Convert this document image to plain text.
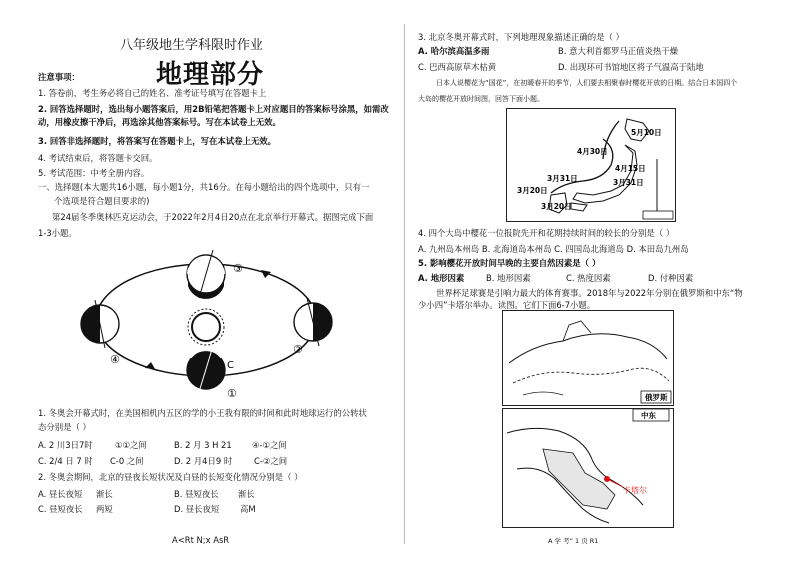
八年级地生学科限时作业
地理部分
注意事项：
1. 答卷前，考生务必将自己的姓名、准考证号填写在答题卡上
2. 回答选择题时，选出每小题答案后，用2B铅笔把答题卡上对应题目的答案标号涂黑，如需改
动，用橡皮擦干净后，再选涂其他答案标号。写在本试卷上无效。
3. 回答非选择题时，将答案写在答题卡上，写在本试卷上无效。
4. 考试结束后，将答题卡交回。
5. 考试范围：中考全册内容。
一、选择题(本大题共16小题，每小题1分，共16分。在每小题给出的四个选项中，只有一
个选项是符合题目要求的)
第24届冬季奥林匹克运动会，于2022年2月4日20点在北京举行开幕式。据图完成下面
1-3小题。
③
②
④	C
①
1. 冬奥会开幕式时，在美国相机内五区的学的小王我有限的时间和此时地球运行的公转状
态分别是（ ）
A. 2 川3日7时	①①之间	B. 2 月 3 H 21 ④-①之间
C. 2/4 日 7 时 C-0 之间	D. 2 月4日9 时	C-②之间
2. 冬奥会期间，北京的昼夜长短状况及白昼的长短变化情况分别是（ ）
A. 昼长夜短 渐长	B. 昼短夜长 渐长
C. 昼短夜长 两短	D. 昼长夜短 高M
A<Rt N;x AsR
3. 北京冬奥开幕式时，下列地理现象描述正确的是（ ）
A. 哈尔滨高温多雨	B. 意大利首都罗马正值炎热干燥
C. 巴西高原草木枯黄	D. 出现环可书馆地区将子气温高于陆地
日本人说樱花为“国花”，在初暖春开的季节，人们要去相聚春时樱花开放的日期。结合日本国四个
大岛的樱花开放时间图，回答下面小题。
5月10日
4月30日
4月15日
3月31日
3月31日
3月20日
3月20日
4. 四个大岛中樱花一位报院先开和花期持续时间的较长的分别是（ ）
A. 九州岛本州岛 B. 北海道岛本州岛 C. 四国岛北海道岛 D. 本田岛九州岛
5. 影响樱花开放时间早晚的主要自然因素是（ ）
A. 地形因素	B. 地形因素	C. 热度因素	D. 付种因素
世界杯足球赛是引响力最大的体育赛事。2018年与2022年分别在俄罗斯和中东“物
少小四”卡塔尔举办。读图。它们下面6-7小题。
俄罗斯
中东
卡塔尔
A 学 考” 1 页 R1
